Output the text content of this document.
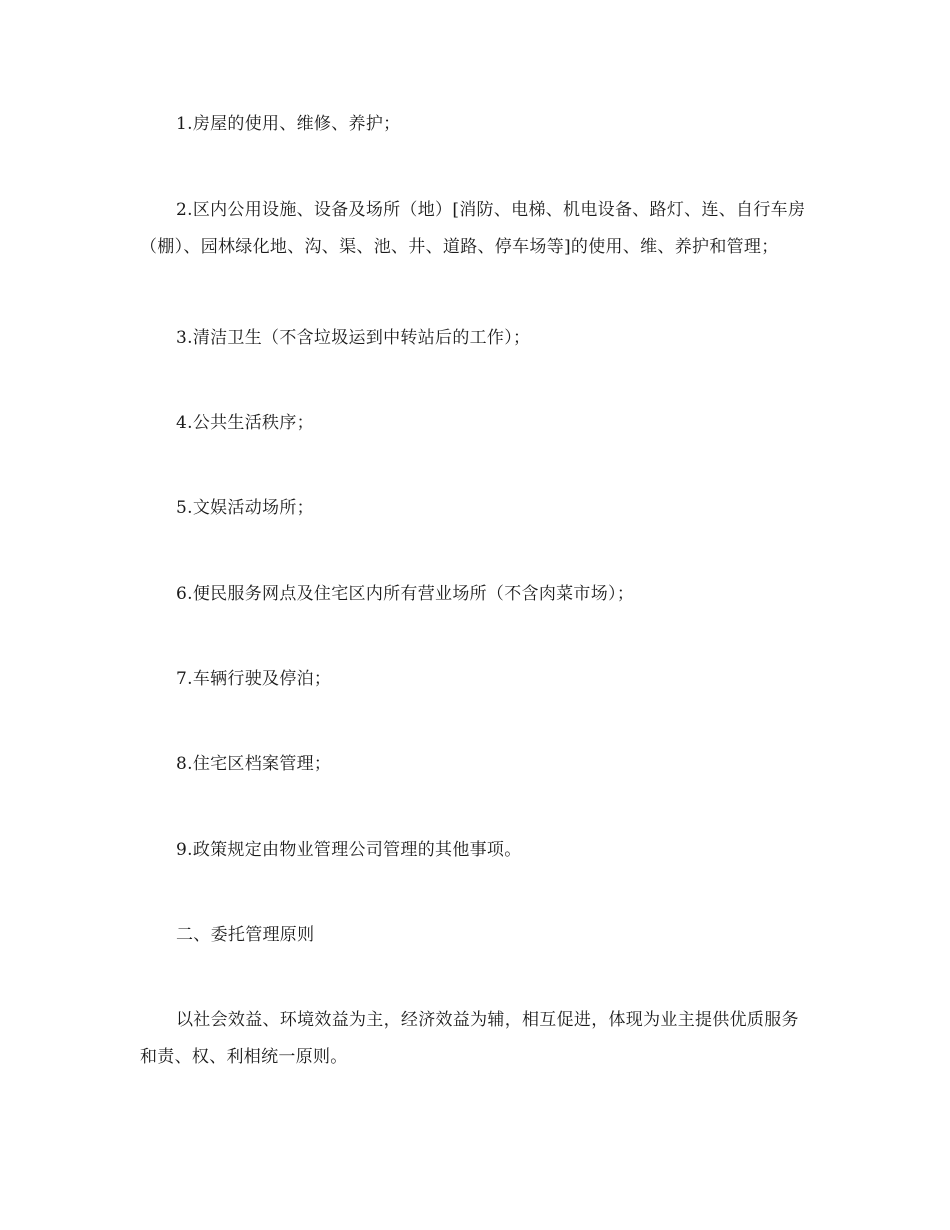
1.房屋的使用、维修、养护；

2.区内公用设施、设备及场所（地）[消防、电梯、机电设备、路灯、连、自行车房（棚）、园林绿化地、沟、渠、池、井、道路、停车场等]的使用、维、养护和管理；

3.清洁卫生（不含垃圾运到中转站后的工作）；

4.公共生活秩序；

5.文娱活动场所；

6.便民服务网点及住宅区内所有营业场所（不含肉菜市场）；

7.车辆行驶及停泊；

8.住宅区档案管理；

9.政策规定由物业管理公司管理的其他事项。

二、委托管理原则

以社会效益、环境效益为主，经济效益为辅，相互促进，体现为业主提供优质服务和责、权、利相统一原则。
